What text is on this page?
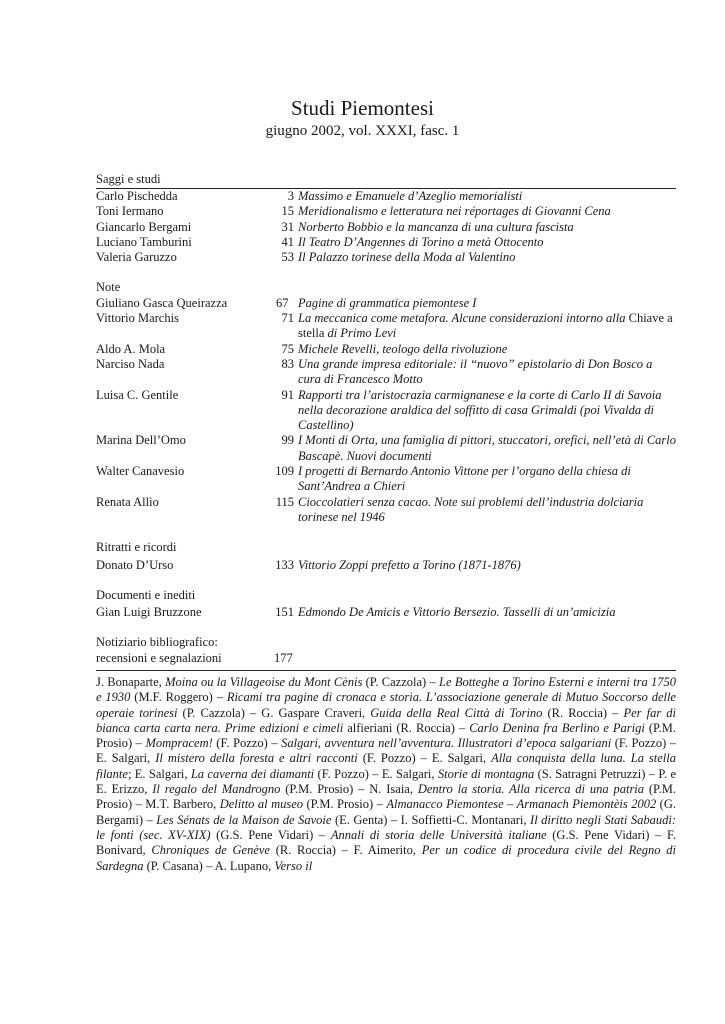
Studi Piemontesi
giugno 2002, vol. XXXI, fasc. 1
Saggi e studi
Carlo Pischedda	3 Massimo e Emanuele d’Azeglio memorialisti
Toni Iermano	15 Meridionalismo e letteratura nei réportages di Giovanni Cena
Giancarlo Bergami	31 Norberto Bobbio e la mancanza di una cultura fascista
Luciano Tamburini	41 Il Teatro D’Angennes di Torino a metà Ottocento
Valeria Garuzzo	53 Il Palazzo torinese della Moda al Valentino
Note
Giuliano Gasca Queirazza	67 Pagine di grammatica piemontese I
Vittorio Marchis	71 La meccanica come metafora. Alcune considerazioni intorno alla Chiave a stella di Primo Levi
Aldo A. Mola	75 Michele Revelli, teologo della rivoluzione
Narciso Nada	83 Una grande impresa editoriale: il “nuovo” epistolario di Don Bosco a cura di Francesco Motto
Luisa C. Gentile	91 Rapporti tra l’aristocrazia carmignanese e la corte di Carlo II di Savoia nella decorazione araldica del soffitto di casa Grimaldi (poi Vivalda di Castellino)
Marina Dell’Omo	99 I Monti di Orta, una famiglia di pittori, stuccatori, orefici, nell’età di Carlo Bascapè. Nuovi documenti
Walter Canavesio	109 I progetti di Bernardo Antonio Vittone per l’organo della chiesa di Sant’Andrea a Chieri
Renata Allìo	115 Cioccolatieri senza cacao. Note sui problemi dell’industria dolciaria torinese nel 1946
Ritratti e ricordi
Donato D’Urso	133 Vittorio Zoppi prefetto a Torino (1871-1876)
Documenti e inediti
Gian Luigi Bruzzone	151 Edmondo De Amicis e Vittorio Bersezio. Tasselli di un’amicizia
Notiziario bibliografico:
recensioni e segnalazioni	177
J. Bonaparte, Moina ou la Villageoise du Mont Cènis (P. Cazzola) – Le Botteghe a Torino Esterni e interni tra 1750 e 1930 (M.F. Roggero) – Ricami tra pagine di cronaca e storia. L’associazione generale di Mutuo Soccorso delle operaie torinesi (P. Cazzola) – G. Gaspare Craveri, Guida della Real Città di Torino (R. Roccia) – Per far di bianca carta carta nera. Prime edizioni e cimeli alfieriani (R. Roccia) – Carlo Denina fra Berlino e Parigi (P.M. Prosio) – Mompracem! (F. Pozzo) – Salgari, avventura nell’avventura. Illustratori d’epoca salgariani (F. Pozzo) – E. Salgari, Il mistero della foresta e altri racconti (F. Pozzo) – E. Salgari, Alla conquista della luna. La stella filante; E. Salgari, La caverna dei diamanti (F. Pozzo) – E. Salgari, Storie di montagna (S. Satragni Petruzzi) – P. e E. Erizzo, Il regalo del Mandrogno (P.M. Prosio) – N. Isaia, Dentro la storia. Alla ricerca di una patria (P.M. Prosio) – M.T. Barbero, Delitto al museo (P.M. Prosio) – Almanacco Piemontese – Armanach Piemontèis 2002 (G. Bergami) – Les Sénats de la Maison de Savoie (E. Genta) – I. Soffietti-C. Montanari, Il diritto negli Stati Sabaudi: le fonti (sec. XV-XIX) (G.S. Pene Vidari) – Annali di storia delle Università italiane (G.S. Pene Vidari) – F. Bonivard, Chroniques de Genève (R. Roccia) – F. Aimerito, Per un codice di procedura civile del Regno di Sardegna (P. Casana) – A. Lupano, Verso il
